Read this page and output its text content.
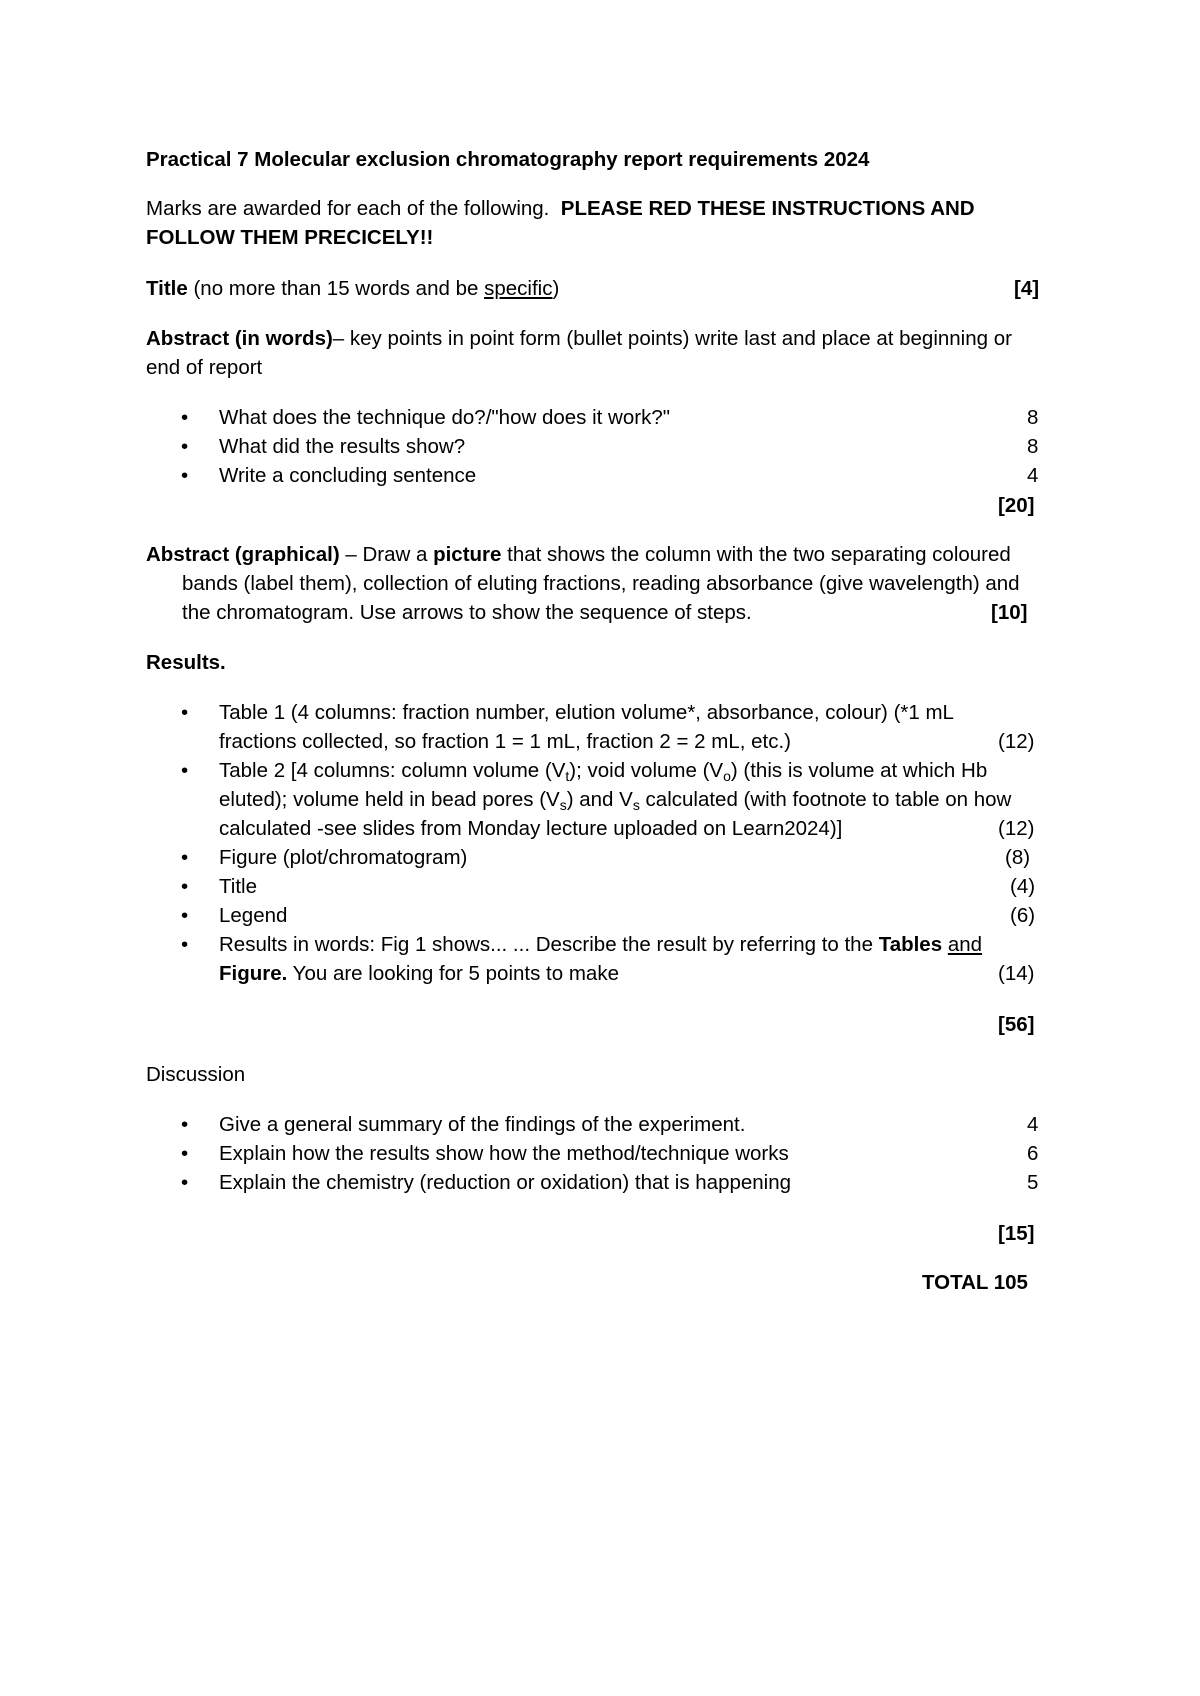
Practical 7 Molecular exclusion chromatography report requirements 2024
Marks are awarded for each of the following. PLEASE RED THESE INSTRUCTIONS AND
FOLLOW THEM PRECICELY!!
Title (no more than 15 words and be specific)	[4]
Abstract (in words)– key points in point form (bullet points) write last and place at beginning or
end of report
• What does the technique do?/"how does it work?"	8
• What did the results show?	8
• Write a concluding sentence	4
[20]
Abstract (graphical) – Draw a picture that shows the column with the two separating coloured
bands (label them), collection of eluting fractions, reading absorbance (give wavelength) and
the chromatogram. Use arrows to show the sequence of steps.	[10]
Results.
• Table 1 (4 columns: fraction number, elution volume*, absorbance, colour) (*1 mL
fractions collected, so fraction 1 = 1 mL, fraction 2 = 2 mL, etc.)	(12)
• Table 2 [4 columns: column volume $(V_t)$; void volume $(V_o)$ (this is volume at which Hb
eluted); volume held in bead pores $(V_s)$ and $V_s$ calculated (with footnote to table on how
calculated -see slides from Monday lecture uploaded on Learn2024)]	(12)
• Figure (plot/chromatogram)	(8)
• Title	(4)
• Legend	(6)
• Results in words: Fig 1 shows... ... Describe the result by referring to the Tables and
Figure. You are looking for 5 points to make	(14)
[56]
Discussion
• Give a general summary of the findings of the experiment.	4
• Explain how the results show how the method/technique works	6
• Explain the chemistry (reduction or oxidation) that is happening	5
[15]
TOTAL 105
